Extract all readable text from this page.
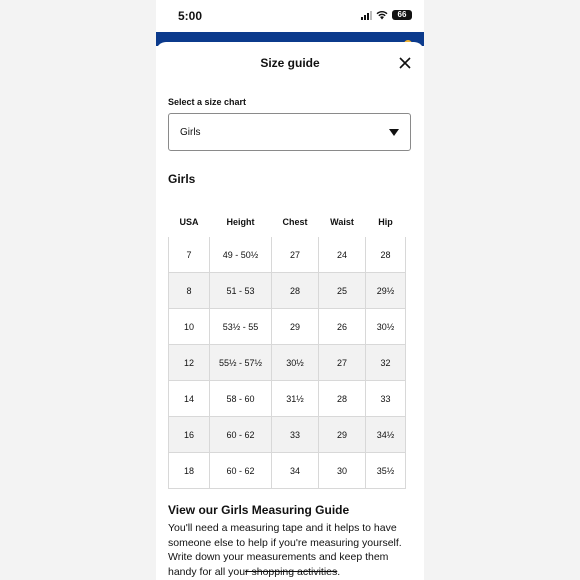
5:00	66
Size guide
Select a size chart
Girls
Girls
USA	Height	Chest	Waist	Hip
7	49 - 50½	27	24	28
8	51 - 53	28	25	29½
10	53½ - 55	29	26	30½
12	55½ - 57½	30½	27	32
14	58 - 60	31½	28	33
16	60 - 62	33	29	34½
18	60 - 62	34	30	35½
View our Girls Measuring Guide
You'll need a measuring tape and it helps to have someone else to help if you're measuring yourself. Write down your measurements and keep them handy for all your shopping activities.
